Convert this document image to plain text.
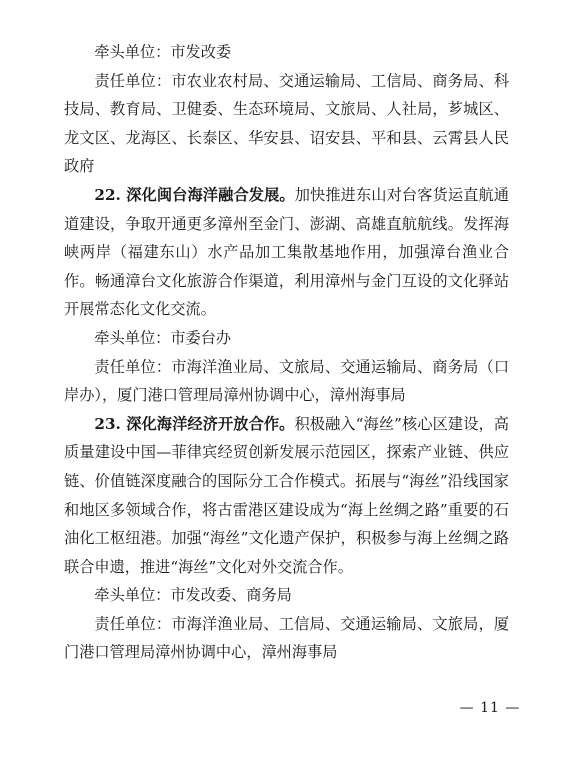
牵头单位：市发改委

责任单位：市农业农村局、交通运输局、工信局、商务局、科技局、教育局、卫健委、生态环境局、文旅局、人社局，芗城区、龙文区、龙海区、长泰区、华安县、诏安县、平和县、云霄县人民政府

22. 深化闽台海洋融合发展。加快推进东山对台客货运直航通道建设，争取开通更多漳州至金门、澎湖、高雄直航航线。发挥海峡两岸（福建东山）水产品加工集散基地作用，加强漳台渔业合作。畅通漳台文化旅游合作渠道，利用漳州与金门互设的文化驿站开展常态化文化交流。

牵头单位：市委台办

责任单位：市海洋渔业局、文旅局、交通运输局、商务局（口岸办），厦门港口管理局漳州协调中心，漳州海事局

23. 深化海洋经济开放合作。积极融入“海丝”核心区建设，高质量建设中国—菲律宾经贸创新发展示范园区，探索产业链、供应链、价值链深度融合的国际分工合作模式。拓展与“海丝”沿线国家和地区多领域合作，将古雷港区建设成为“海上丝绸之路”重要的石油化工枢纽港。加强“海丝”文化遗产保护，积极参与海上丝绸之路联合申遗，推进“海丝”文化对外交流合作。

牵头单位：市发改委、商务局

责任单位：市海洋渔业局、工信局、交通运输局、文旅局，厦门港口管理局漳州协调中心，漳州海事局

— 11 —
